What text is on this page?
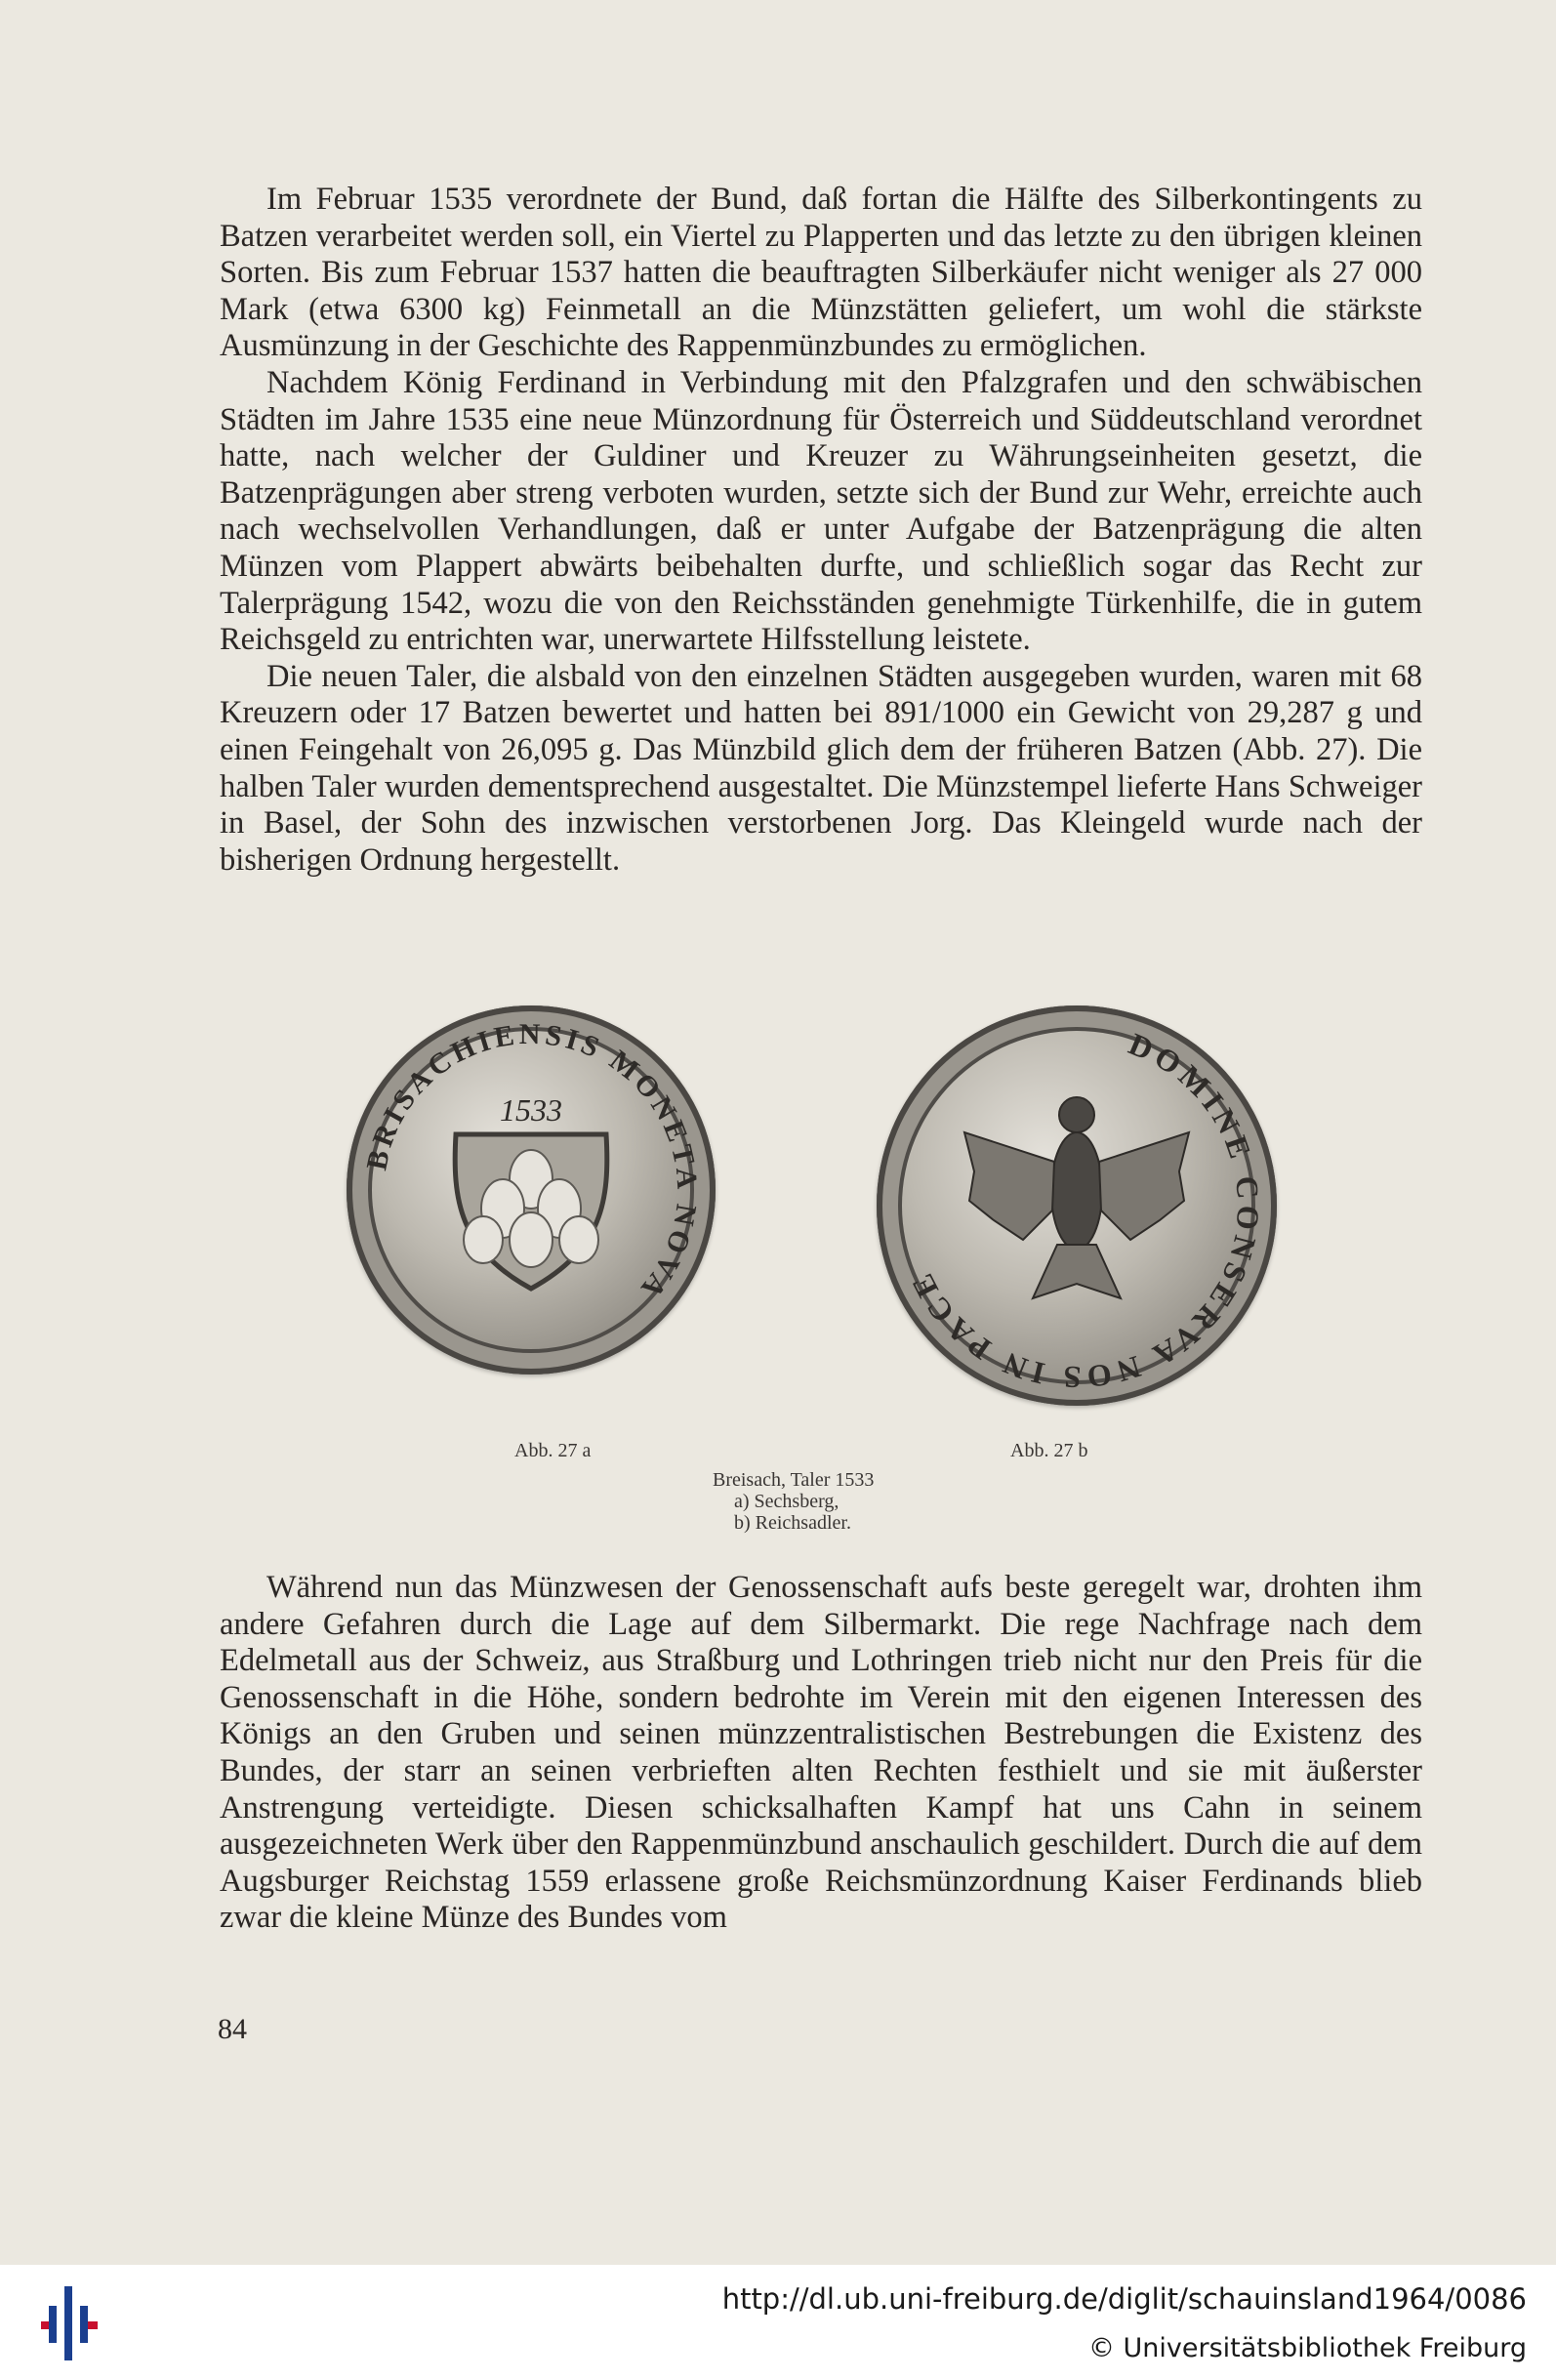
Im Februar 1535 verordnete der Bund, daß fortan die Hälfte des Silberkontingents zu Batzen verarbeitet werden soll, ein Viertel zu Plapperten und das letzte zu den übrigen kleinen Sorten. Bis zum Februar 1537 hatten die beauftragten Silberkäufer nicht weniger als 27 000 Mark (etwa 6300 kg) Feinmetall an die Münzstätten geliefert, um wohl die stärkste Ausmünzung in der Geschichte des Rappenmünzbundes zu ermöglichen.

Nachdem König Ferdinand in Verbindung mit den Pfalzgrafen und den schwäbischen Städten im Jahre 1535 eine neue Münzordnung für Österreich und Süddeutschland verordnet hatte, nach welcher der Guldiner und Kreuzer zu Währungseinheiten gesetzt, die Batzenprägungen aber streng verboten wurden, setzte sich der Bund zur Wehr, erreichte auch nach wechselvollen Verhandlungen, daß er unter Aufgabe der Batzenprägung die alten Münzen vom Plappert abwärts beibehalten durfte, und schließlich sogar das Recht zur Talerprägung 1542, wozu die von den Reichsständen genehmigte Türkenhilfe, die in gutem Reichsgeld zu entrichten war, unerwartete Hilfsstellung leistete.

Die neuen Taler, die alsbald von den einzelnen Städten ausgegeben wurden, waren mit 68 Kreuzern oder 17 Batzen bewertet und hatten bei 891/1000 ein Gewicht von 29,287 g und einen Feingehalt von 26,095 g. Das Münzbild glich dem der früheren Batzen (Abb. 27). Die halben Taler wurden dementsprechend ausgestaltet. Die Münzstempel lieferte Hans Schweiger in Basel, der Sohn des inzwischen verstorbenen Jorg. Das Kleingeld wurde nach der bisherigen Ordnung hergestellt.

BRISACHIENSIS MONETA NOVA
1533
DOMINE CONSERVA NOS IN PACE
Abb. 27 a	Abb. 27 b
Breisach, Taler 1533
a) Sechsberg,
b) Reichsadler.

Während nun das Münzwesen der Genossenschaft aufs beste geregelt war, drohten ihm andere Gefahren durch die Lage auf dem Silbermarkt. Die rege Nachfrage nach dem Edelmetall aus der Schweiz, aus Straßburg und Lothringen trieb nicht nur den Preis für die Genossenschaft in die Höhe, sondern bedrohte im Verein mit den eigenen Interessen des Königs an den Gruben und seinen münzzentralistischen Bestrebungen die Existenz des Bundes, der starr an seinen verbrieften alten Rechten festhielt und sie mit äußerster Anstrengung verteidigte. Diesen schicksalhaften Kampf hat uns Cahn in seinem ausgezeichneten Werk über den Rappenmünzbund anschaulich geschildert. Durch die auf dem Augsburger Reichstag 1559 erlassene große Reichsmünzordnung Kaiser Ferdinands blieb zwar die kleine Münze des Bundes vom

84
http://dl.ub.uni-freiburg.de/diglit/schauinsland1964/0086
© Universitätsbibliothek Freiburg
